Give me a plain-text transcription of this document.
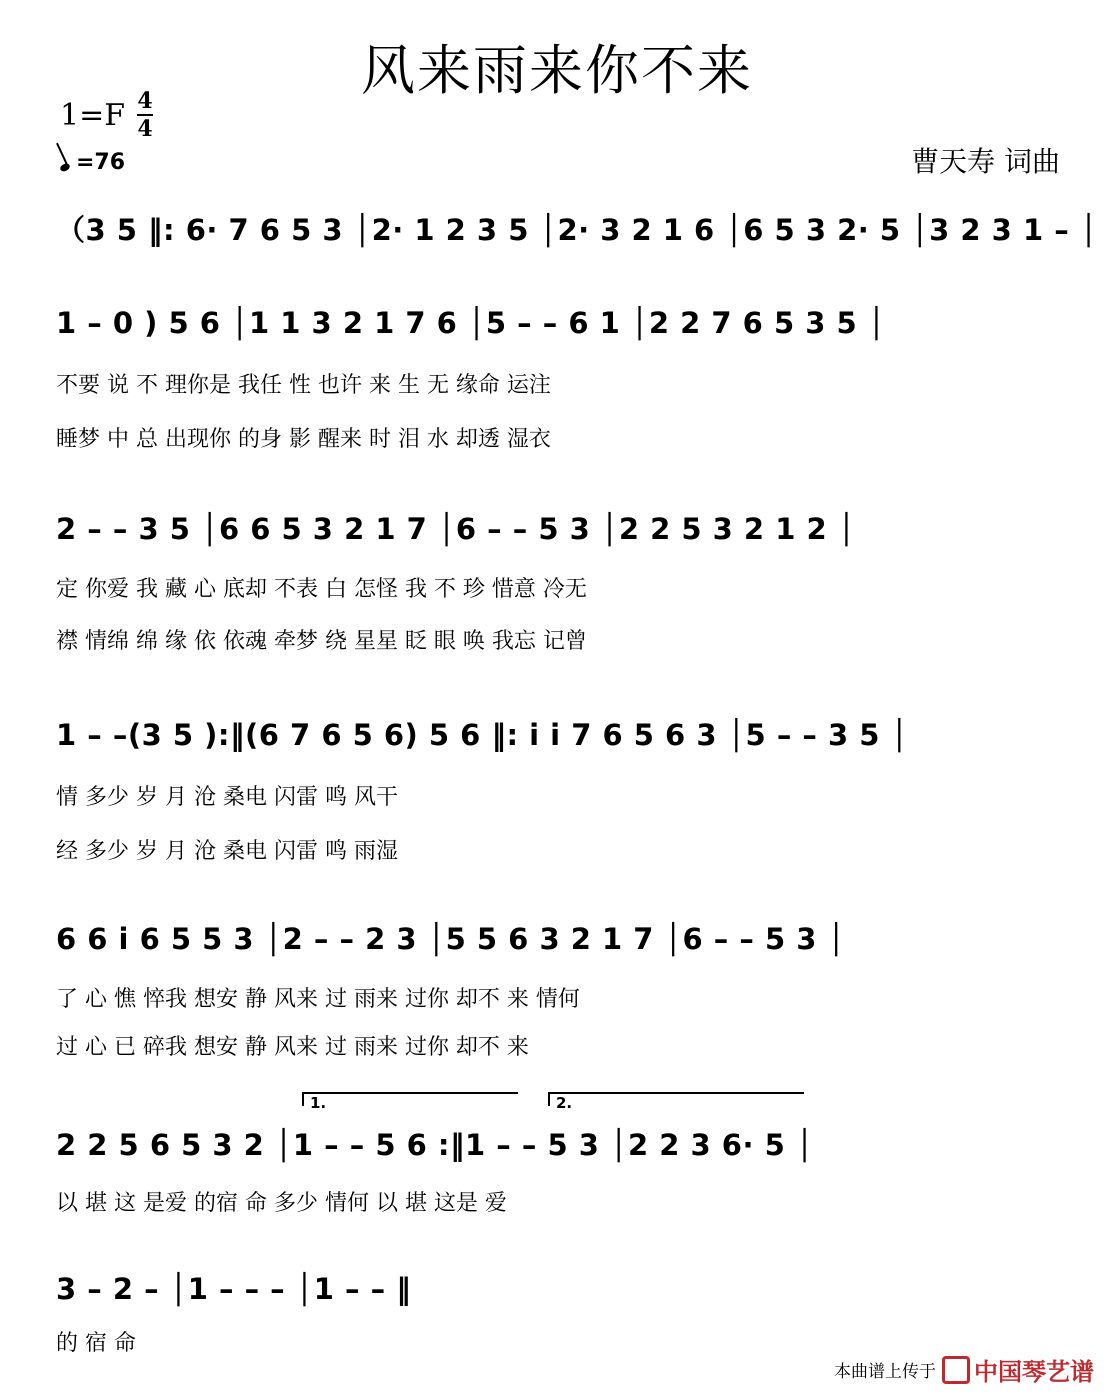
风来雨来你不来
1=F 4
4
=76	曹天寿 词曲
（3 5 ‖: 6· 7 6 5 3 │2· 1 2 3 5 │2· 3 2 1 6 │6 5 3 2· 5 │3 2 3 1 – │
1 – 0 ) 5 6 │1 1 3 2 1 7 6 │5 – – 6 1 │2 2 7 6 5 3 5 │
不要 说 不 理你是 我任 性 也许 来 生 无 缘命 运注
睡梦 中 总 出现你 的身 影 醒来 时 泪 水 却透 湿衣
2 – – 3 5 │6 6 5 3 2 1 7 │6 – – 5 3 │2 2 5 3 2 1 2 │
定 你爱 我 藏 心 底却 不表 白 怎怪 我 不 珍 惜意 冷无
襟 情绵 绵 缘 依 依魂 牵梦 绕 星星 眨 眼 唤 我忘 记曾
1 – –(3 5 ):‖(6 7 6 5 6) 5 6 ‖: i i 7 6 5 6 3 │5 – – 3 5 │
情 多少 岁 月 沧 桑电 闪雷 鸣 风干
经 多少 岁 月 沧 桑电 闪雷 鸣 雨湿
6 6 i 6 5 5 3 │2 – – 2 3 │5 5 6 3 2 1 7 │6 – – 5 3 │
了 心 憔 悴我 想安 静 风来 过 雨来 过你 却不 来 情何
过 心 已 碎我 想安 静 风来 过 雨来 过你 却不 来
1.	2.
2 2 5 6 5 3 2 │1 – – 5 6 :‖1 – – 5 3 │2 2 3 6· 5 │
以 堪 这 是爱 的宿 命 多少 情何 以 堪 这是 爱
3 – 2 – │1 – – – │1 – – ‖
的 宿 命
本曲谱上传于	中国琴艺谱
